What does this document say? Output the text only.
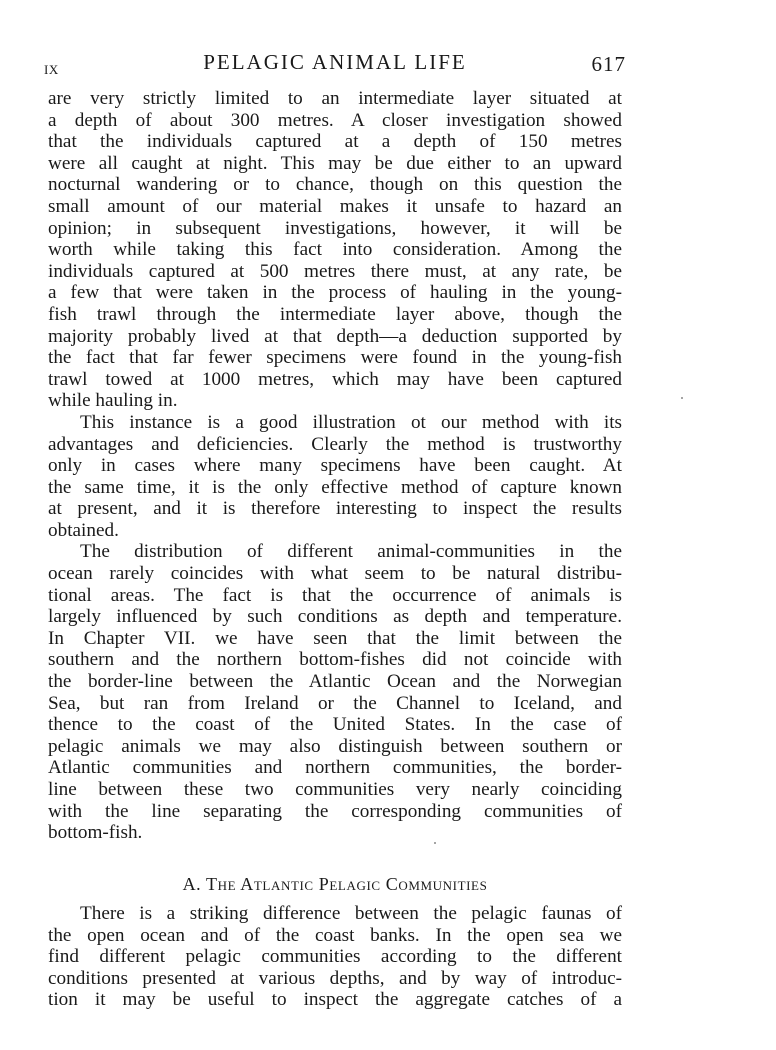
IX	PELAGIC ANIMAL LIFE	617
are very strictly limited to an intermediate layer situated at
a depth of about 300 metres. A closer investigation showed
that the individuals captured at a depth of 150 metres
were all caught at night. This may be due either to an upward
nocturnal wandering or to chance, though on this question the
small amount of our material makes it unsafe to hazard an
opinion; in subsequent investigations, however, it will be
worth while taking this fact into consideration. Among the
individuals captured at 500 metres there must, at any rate, be
a few that were taken in the process of hauling in the young-
fish trawl through the intermediate layer above, though the
majority probably lived at that depth—a deduction supported by
the fact that far fewer specimens were found in the young-fish
trawl towed at 1000 metres, which may have been captured
while hauling in.
This instance is a good illustration ot our method with its
advantages and deficiencies. Clearly the method is trustworthy
only in cases where many specimens have been caught. At
the same time, it is the only effective method of capture known
at present, and it is therefore interesting to inspect the results
obtained.
The distribution of different animal-communities in the
ocean rarely coincides with what seem to be natural distribu-
tional areas. The fact is that the occurrence of animals is
largely influenced by such conditions as depth and temperature.
In Chapter VII. we have seen that the limit between the
southern and the northern bottom-fishes did not coincide with
the border-line between the Atlantic Ocean and the Norwegian
Sea, but ran from Ireland or the Channel to Iceland, and
thence to the coast of the United States. In the case of
pelagic animals we may also distinguish between southern or
Atlantic communities and northern communities, the border-
line between these two communities very nearly coinciding
with the line separating the corresponding communities of
bottom-fish.
A. The Atlantic Pelagic Communities
There is a striking difference between the pelagic faunas of
the open ocean and of the coast banks. In the open sea we
find different pelagic communities according to the different
conditions presented at various depths, and by way of introduc-
tion it may be useful to inspect the aggregate catches of a
